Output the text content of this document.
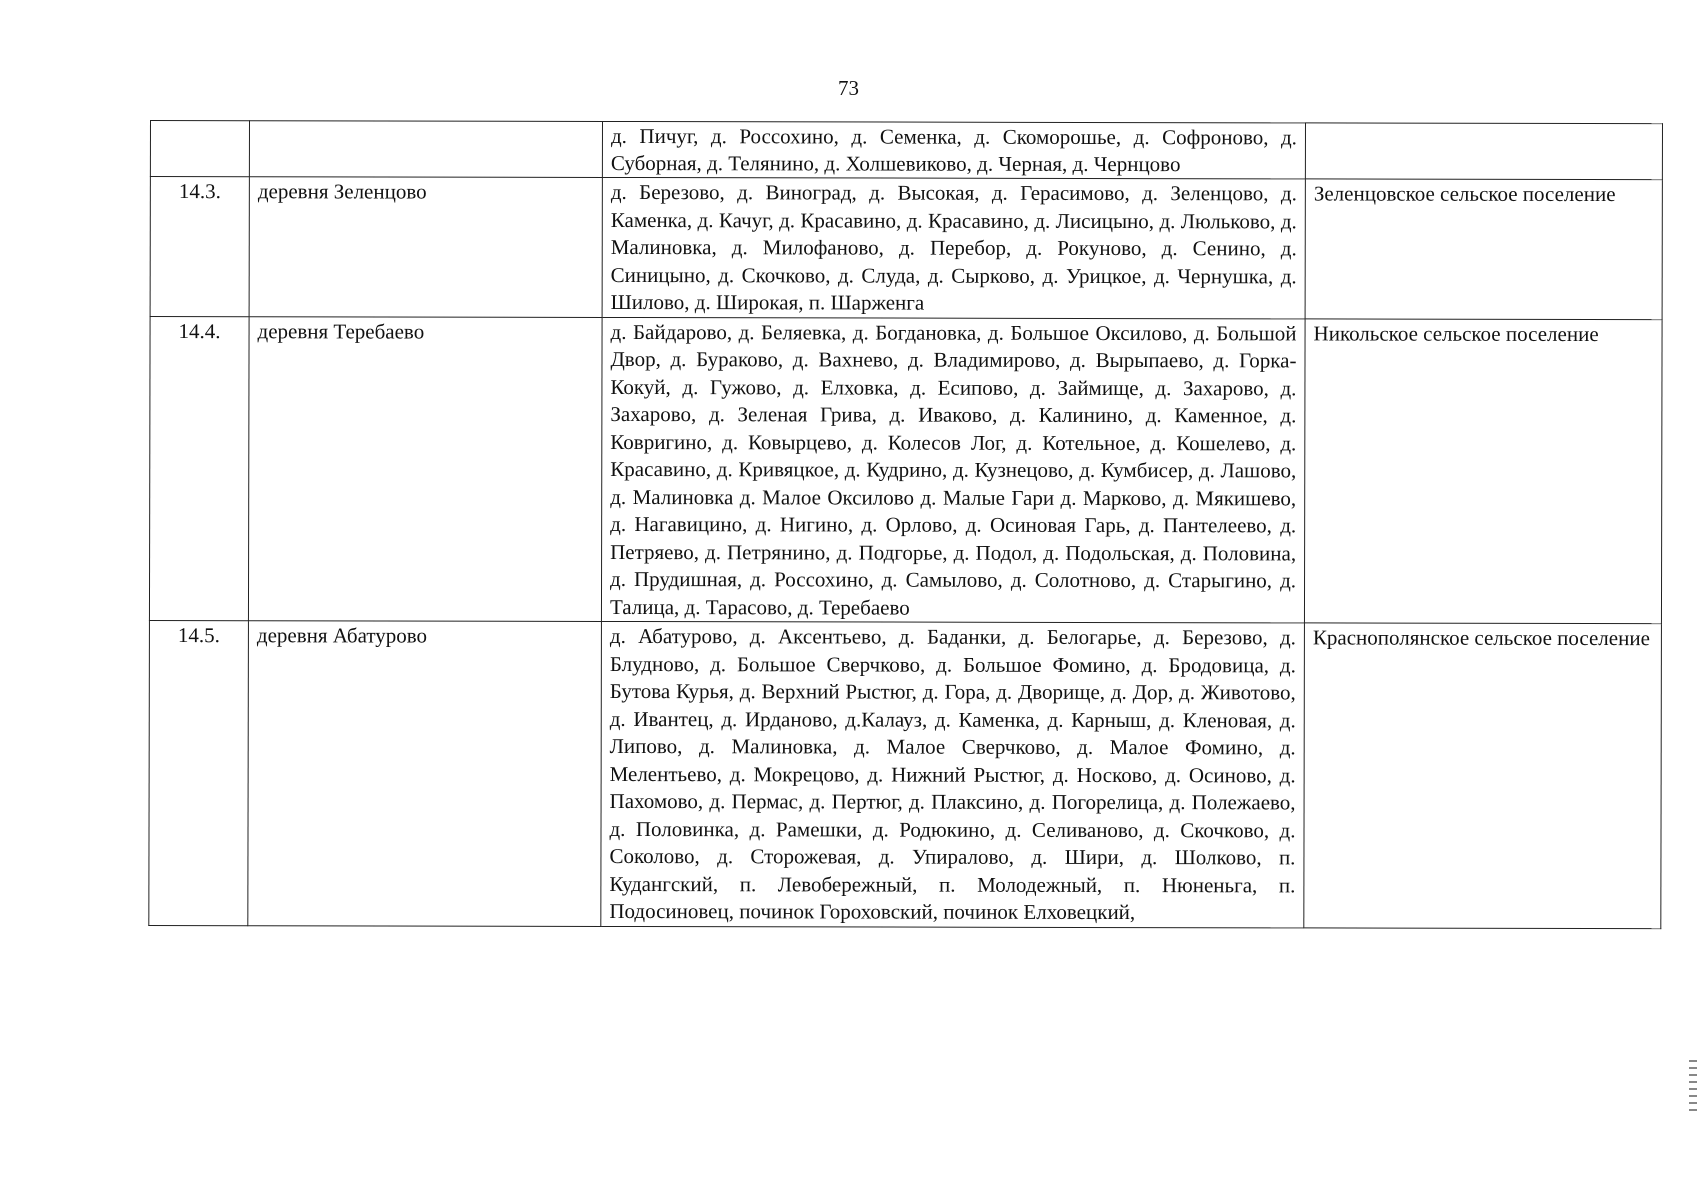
73
		д. Пичуг, д. Россохино, д. Семенка, д. Скоморошье, д. Софроново, д. Суборная, д. Телянино, д. Холшевиково, д. Черная, д. Чернцово	
14.3.	деревня Зеленцово	д. Березово, д. Виноград, д. Высокая, д. Герасимово, д. Зеленцово, д. Каменка, д. Качуг, д. Красавино, д. Красавино, д. Лисицыно, д. Люльково, д. Малиновка, д. Милофаново, д. Перебор, д. Рокуново, д. Сенино, д. Синицыно, д. Скочково, д. Слуда, д. Сырково, д. Урицкое, д. Чернушка, д. Шилово, д. Широкая, п. Шарженга	Зеленцовское сельское поселение
14.4.	деревня Теребаево	д. Байдарово, д. Беляевка, д. Богдановка, д. Большое Оксилово, д. Большой Двор, д. Бураково, д. Вахнево, д. Владимирово, д. Вырыпаево, д. Горка-Кокуй, д. Гужово, д. Елховка, д. Есипово, д. Займище, д. Захарово, д. Захарово, д. Зеленая Грива, д. Иваково, д. Калинино, д. Каменное, д. Ковригино, д. Ковырцево, д. Колесов Лог, д. Котельное, д. Кошелево, д. Красавино, д. Кривяцкое, д. Кудрино, д. Кузнецово, д. Кумбисер, д. Лашово, д. Малиновка д. Малое Оксилово д. Малые Гари д. Марково, д. Мякишево, д. Нагавицино, д. Нигино, д. Орлово, д. Осиновая Гарь, д. Пантелеево, д. Петряево, д. Петрянино, д. Подгорье, д. Подол, д. Подольская, д. Половина, д. Прудишная, д. Россохино, д. Самылово, д. Солотново, д. Старыгино, д. Талица, д. Тарасово, д. Теребаево	Никольское сельское поселение
14.5.	деревня Абатурово	д. Абатурово, д. Аксентьево, д. Баданки, д. Белогарье, д. Березово, д. Блудново, д. Большое Сверчково, д. Большое Фомино, д. Бродовица, д. Бутова Курья, д. Верхний Рыстюг, д. Гора, д. Дворище, д. Дор, д. Животово, д. Ивантец, д. Ирданово, д.Калауз, д. Каменка, д. Карныш, д. Кленовая, д. Липово, д. Малиновка, д. Малое Сверчково, д. Малое Фомино, д. Мелентьево, д. Мокрецово, д. Нижний Рыстюг, д. Носково, д. Осиново, д. Пахомово, д. Пермас, д. Пертюг, д. Плаксино, д. Погорелица, д. Полежаево, д. Половинка, д. Рамешки, д. Родюкино, д. Селиваново, д. Скочково, д. Соколово, д. Сторожевая, д. Упиралово, д. Шири, д. Шолково, п. Кудангский, п. Левобережный, п. Молодежный, п. Нюненьга, п. Подосиновец, починок Гороховский, починок Елховецкий,	Краснополянское сельское поселение
